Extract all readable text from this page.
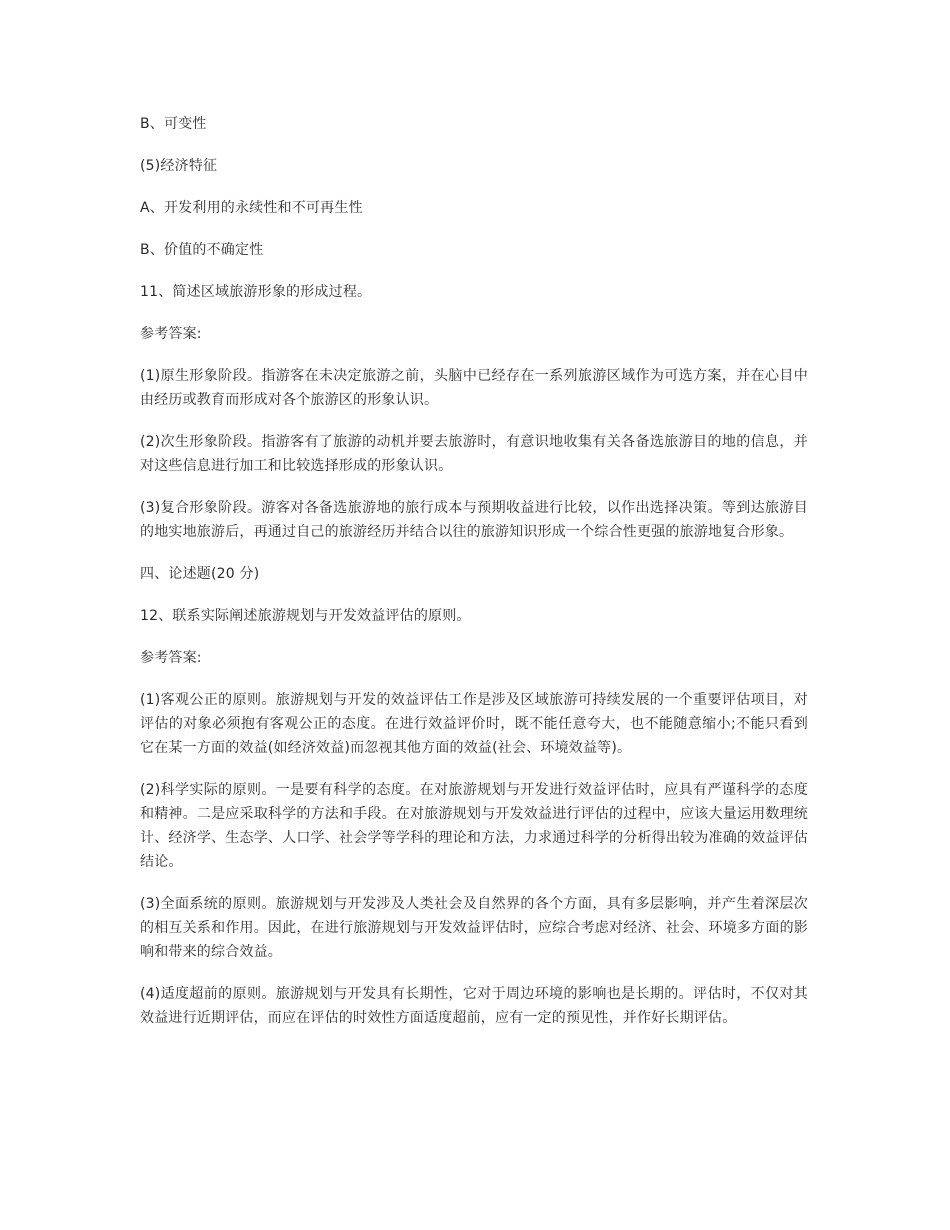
B、可变性

(5)经济特征

A、开发利用的永续性和不可再生性

B、价值的不确定性

11、简述区域旅游形象的形成过程。

参考答案:

(1)原生形象阶段。指游客在未决定旅游之前，头脑中已经存在一系列旅游区域作为可选方案，并在心目中由经历或教育而形成对各个旅游区的形象认识。

(2)次生形象阶段。指游客有了旅游的动机并要去旅游时，有意识地收集有关各备选旅游目的地的信息，并对这些信息进行加工和比较选择形成的形象认识。

(3)复合形象阶段。游客对各备选旅游地的旅行成本与预期收益进行比较，以作出选择决策。等到达旅游目的地实地旅游后，再通过自己的旅游经历并结合以往的旅游知识形成一个综合性更强的旅游地复合形象。

四、论述题(20 分)

12、联系实际阐述旅游规划与开发效益评估的原则。

参考答案:

(1)客观公正的原则。旅游规划与开发的效益评估工作是涉及区域旅游可持续发展的一个重要评估项目，对评估的对象必须抱有客观公正的态度。在进行效益评价时，既不能任意夸大，也不能随意缩小;不能只看到它在某一方面的效益(如经济效益)而忽视其他方面的效益(社会、环境效益等)。

(2)科学实际的原则。一是要有科学的态度。在对旅游规划与开发进行效益评估时，应具有严谨科学的态度和精神。二是应采取科学的方法和手段。在对旅游规划与开发效益进行评估的过程中，应该大量运用数理统计、经济学、生态学、人口学、社会学等学科的理论和方法，力求通过科学的分析得出较为准确的效益评估结论。

(3)全面系统的原则。旅游规划与开发涉及人类社会及自然界的各个方面，具有多层影响，并产生着深层次的相互关系和作用。因此，在进行旅游规划与开发效益评估时，应综合考虑对经济、社会、环境多方面的影响和带来的综合效益。

(4)适度超前的原则。旅游规划与开发具有长期性，它对于周边环境的影响也是长期的。评估时，不仅对其效益进行近期评估，而应在评估的时效性方面适度超前，应有一定的预见性，并作好长期评估。
